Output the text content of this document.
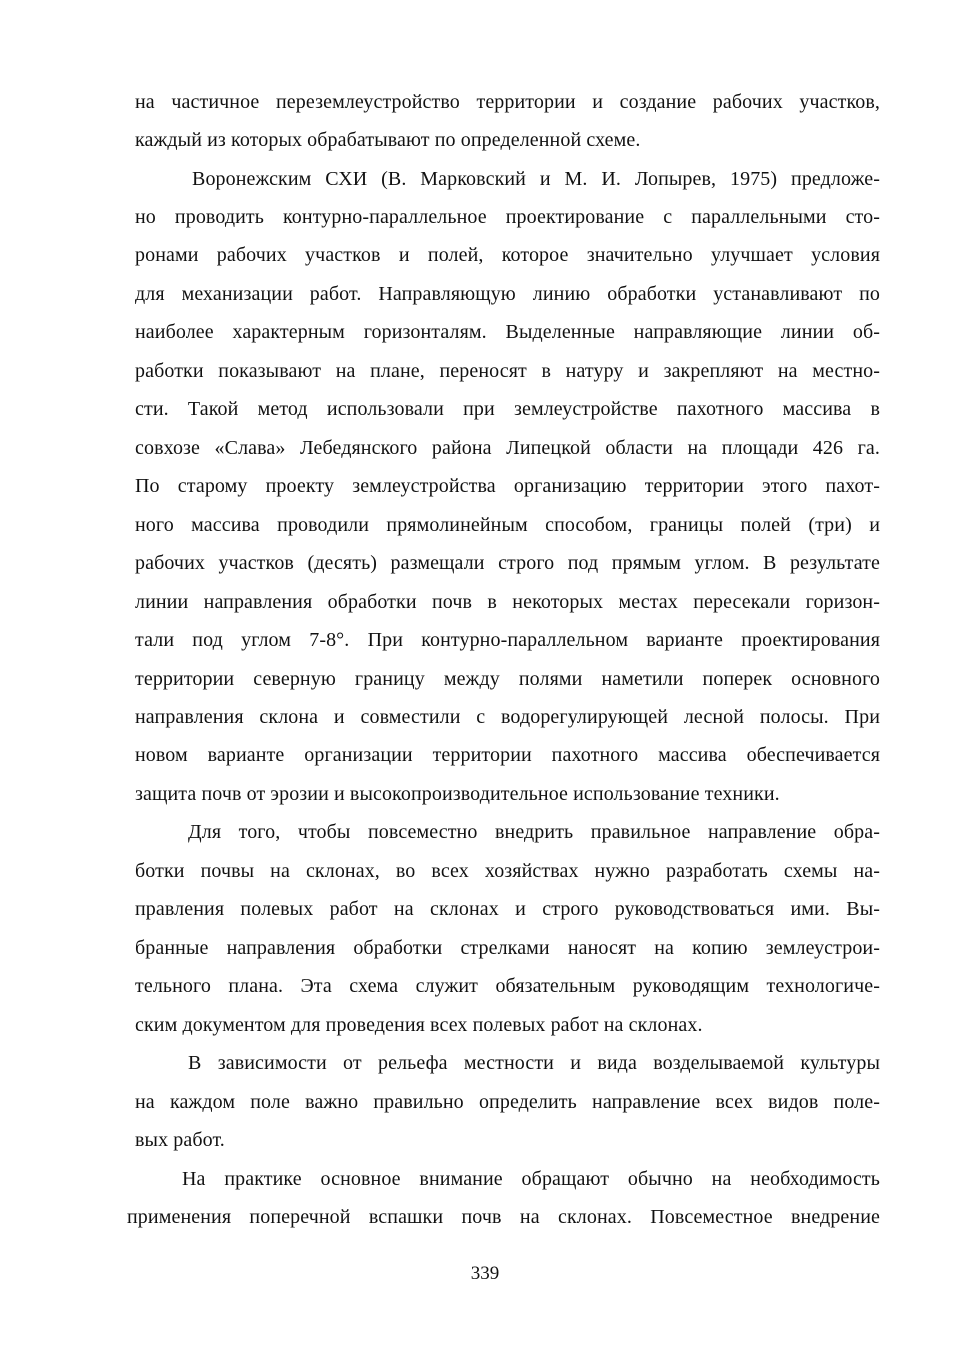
на частичное переземлеустройство территории и создание рабочих участков,
каждый из которых обрабатывают по определенной схеме.
Воронежским СХИ (В. Марковский и М. И. Лопырев, 1975) предложе-
но проводить контурно-параллельное проектирование с параллельными сто-
ронами рабочих участков и полей, которое значительно улучшает условия
для механизации работ. Направляющую линию обработки устанавливают по
наиболее характерным горизонталям. Выделенные направляющие линии об-
работки показывают на плане, переносят в натуру и закрепляют на местно-
сти. Такой метод использовали при землеустройстве пахотного массива в
совхозе «Слава» Лебедянского района Липецкой области на площади 426 га.
По старому проекту землеустройства организацию территории этого пахот-
ного массива проводили прямолинейным способом, границы полей (три) и
рабочих участков (десять) размещали строго под прямым углом. В результате
линии направления обработки почв в некоторых местах пересекали горизон-
тали под углом 7-8°. При контурно-параллельном варианте проектирования
территории северную границу между полями наметили поперек основного
направления склона и совместили с водорегулирующей лесной полосы. При
новом варианте организации территории пахотного массива обеспечивается
защита почв от эрозии и высокопроизводительное использование техники.
Для того, чтобы повсеместно внедрить правильное направление обра-
ботки почвы на склонах, во всех хозяйствах нужно разработать схемы на-
правления полевых работ на склонах и строго руководствоваться ими. Вы-
бранные направления обработки стрелками наносят на копию землеустрои-
тельного плана. Эта схема служит обязательным руководящим технологиче-
ским документом для проведения всех полевых работ на склонах.
В зависимости от рельефа местности и вида возделываемой культуры
на каждом поле важно правильно определить направление всех видов поле-
вых работ.
На практике основное внимание обращают обычно на необходимость
применения поперечной вспашки почв на склонах. Повсеместное внедрение
339
